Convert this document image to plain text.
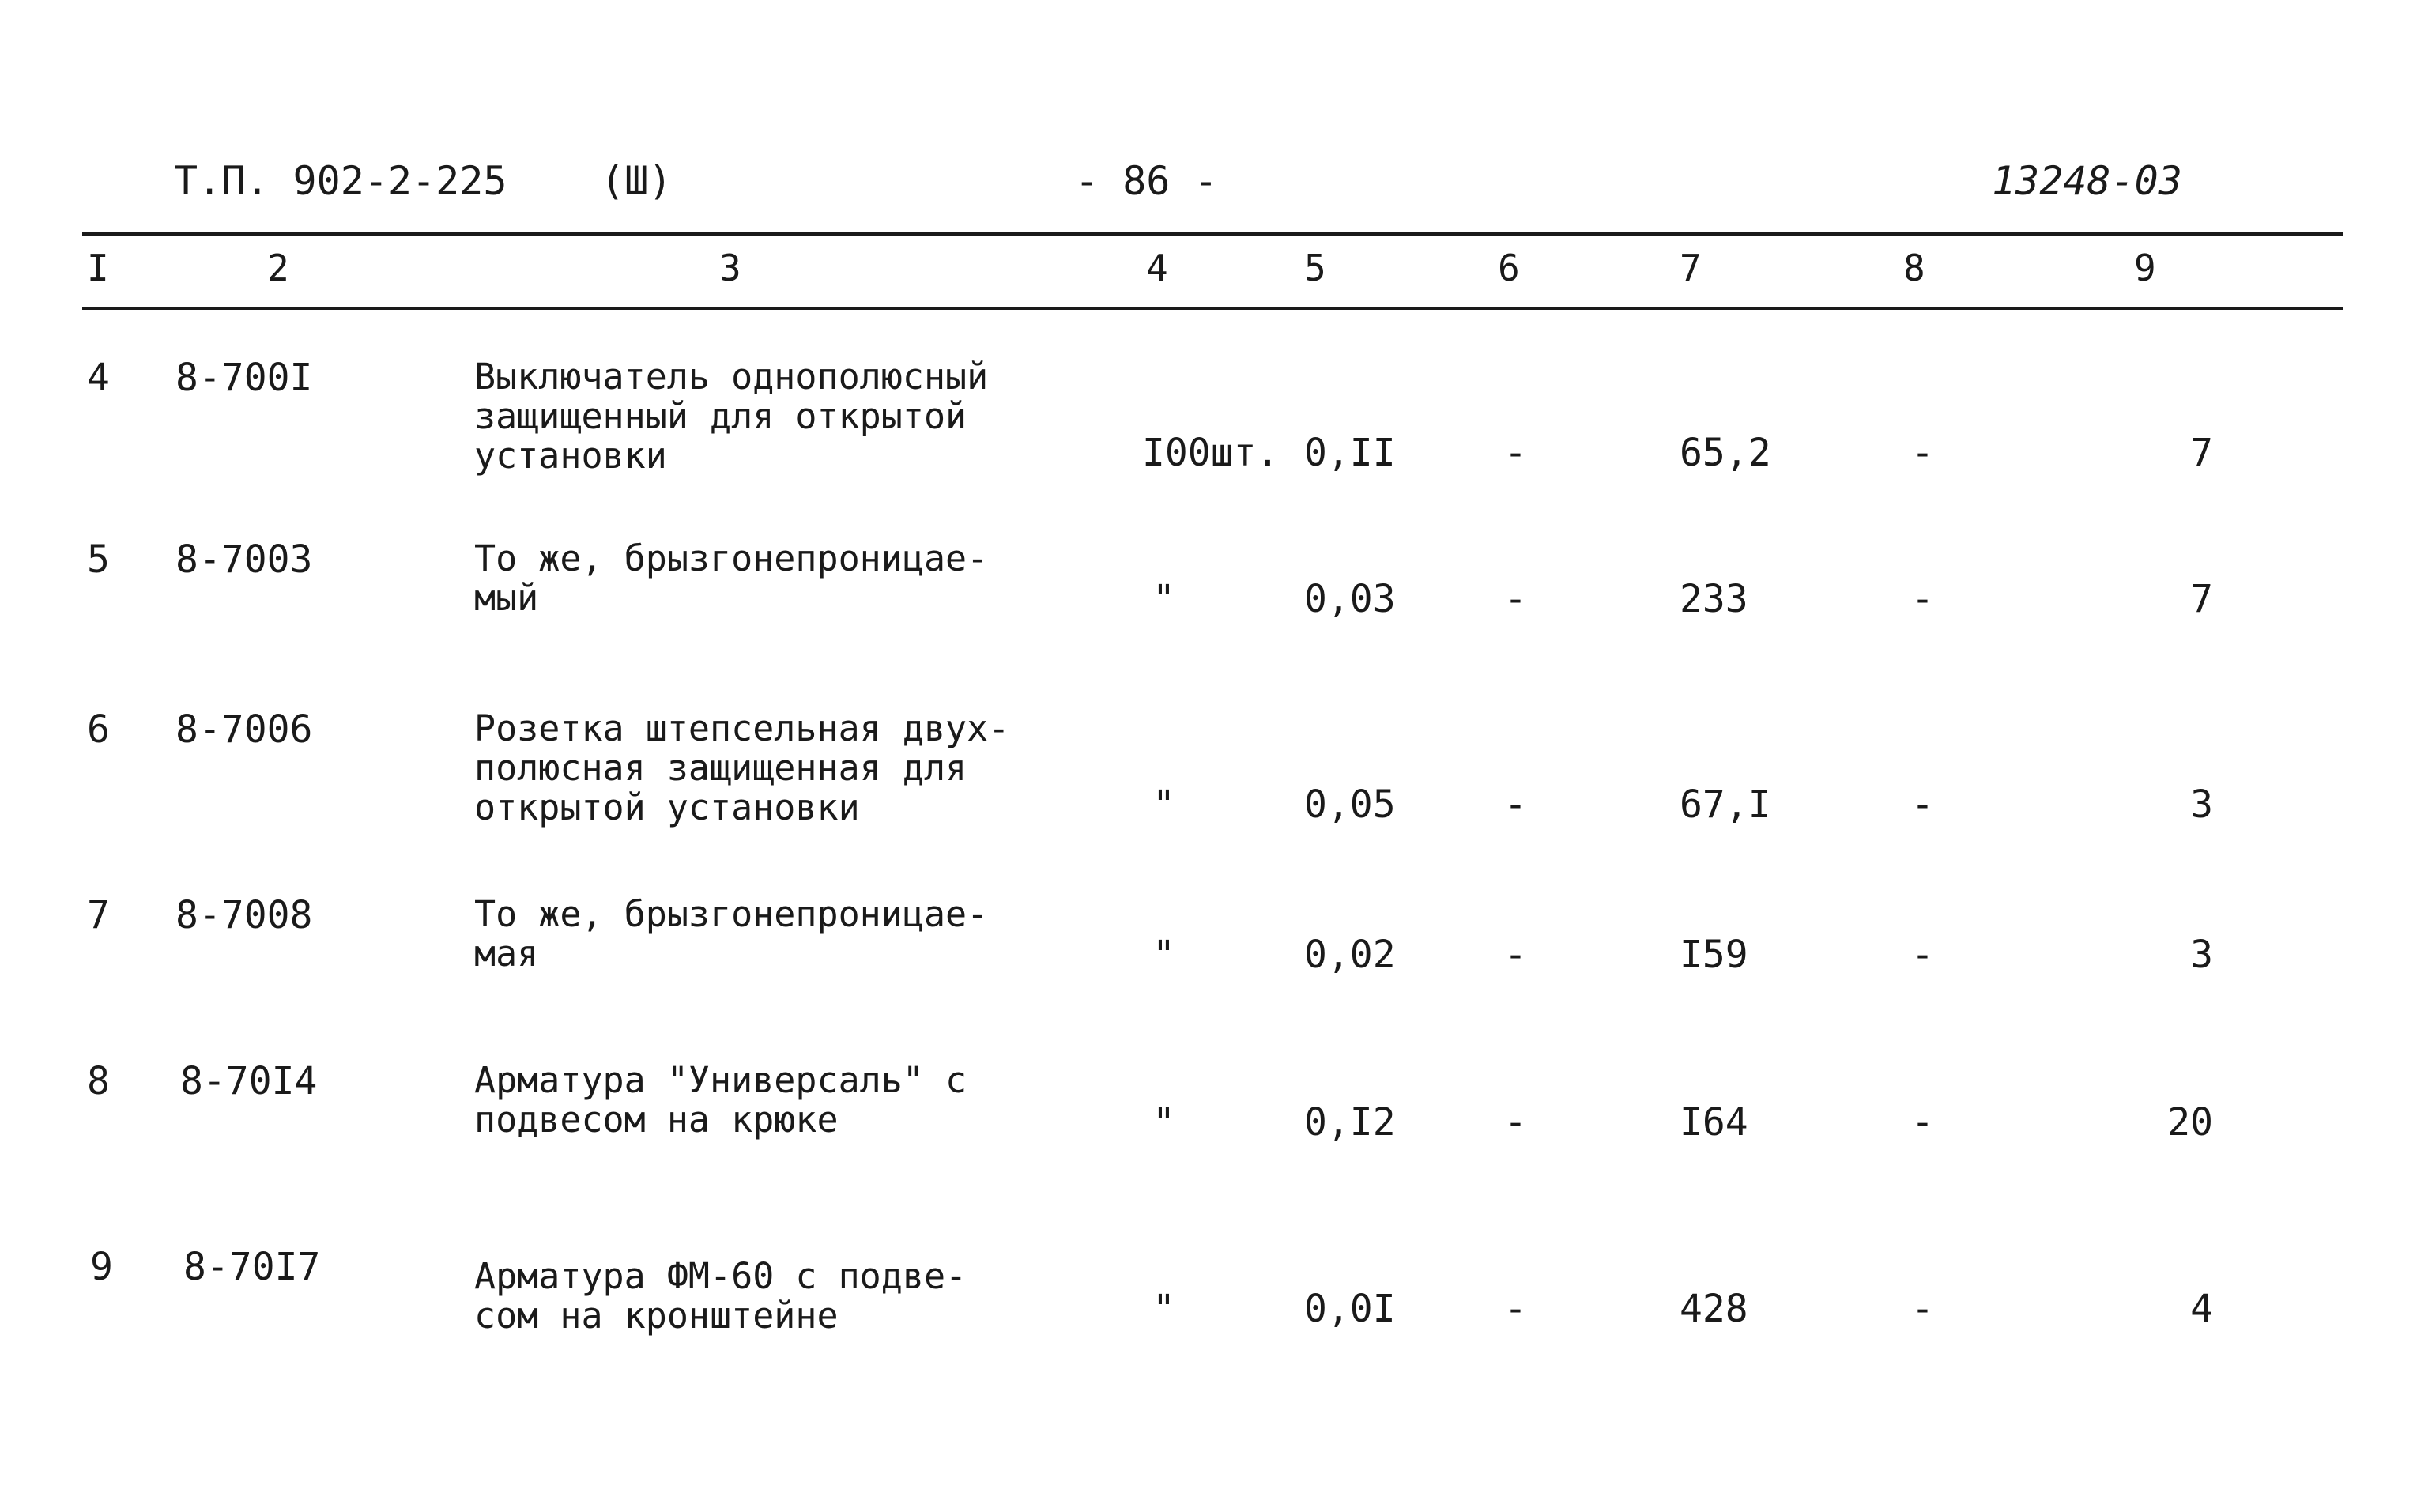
Т.П. 902-2-225 (Ш)	- 86 -	13248-03
I	2	3	4	5	6	7	8	9
4 8-700I	Выключатель однополюсный
защищенный для открытой
установки	I00шт. 0,II	-	65,2	-	7
5 8-7003	То же, брызгонепроницае-
мый	"	0,03	-	233	-	7
6 8-7006	Розетка штепсельная двух-
полюсная защищенная для
открытой установки	"	0,05	-	67,I	-	3
7 8-7008	То же, брызгонепроницае-
мая	"	0,02	-	I59	-	3
8 8-70I4	Арматура "Универсаль" с
подвесом на крюке	"	0,I2	-	I64	-	20
9 8-70I7	Арматура ФМ-60 с подве-
сом на кронштейне	"	0,0I	-	428	-	4
